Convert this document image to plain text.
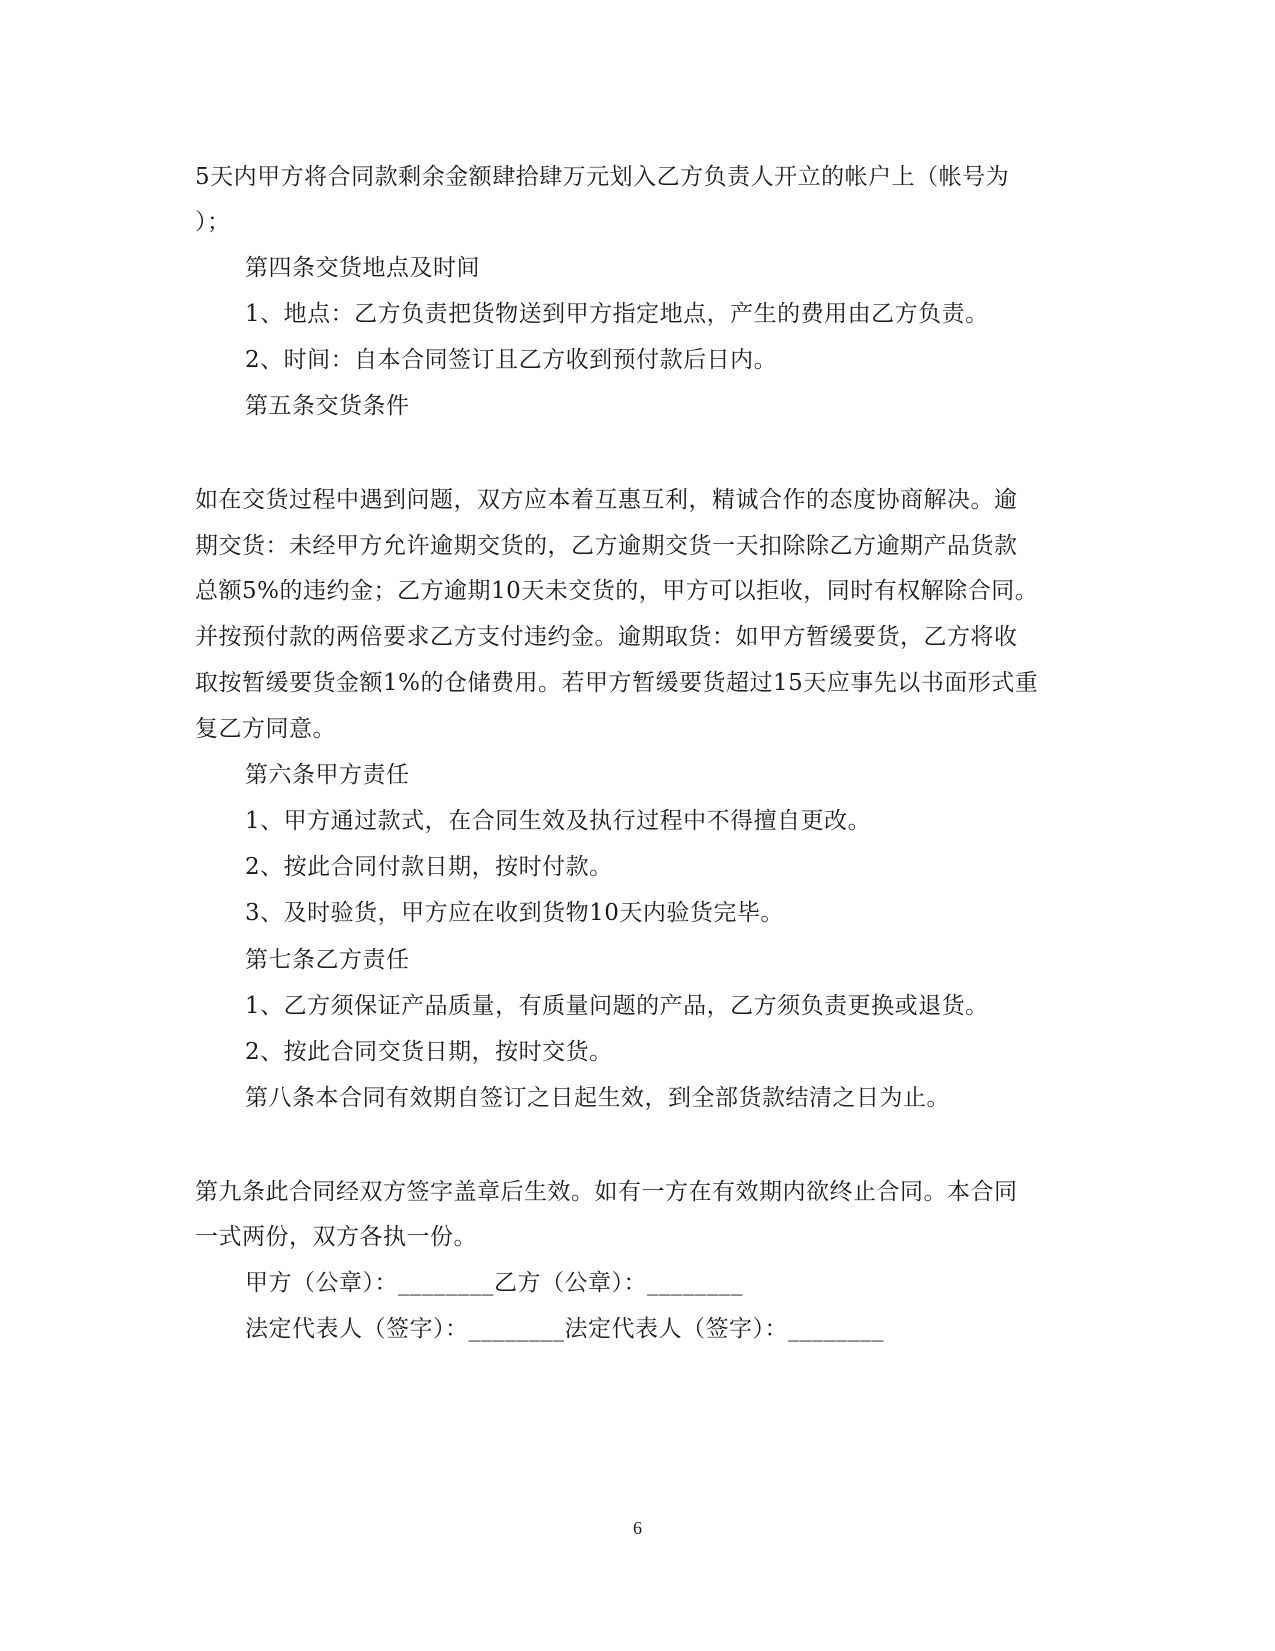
5天内甲方将合同款剩余金额肆拾肆万元划入乙方负责人开立的帐户上（帐号为
）；
第四条交货地点及时间
1、地点：乙方负责把货物送到甲方指定地点，产生的费用由乙方负责。
2、时间：自本合同签订且乙方收到预付款后日内。
第五条交货条件
如在交货过程中遇到问题，双方应本着互惠互利，精诚合作的态度协商解决。逾
期交货：未经甲方允许逾期交货的，乙方逾期交货一天扣除除乙方逾期产品货款
总额5%的违约金；乙方逾期10天未交货的，甲方可以拒收，同时有权解除合同。
并按预付款的两倍要求乙方支付违约金。逾期取货：如甲方暂缓要货，乙方将收
取按暂缓要货金额1%的仓储费用。若甲方暂缓要货超过15天应事先以书面形式重
复乙方同意。
第六条甲方责任
1、甲方通过款式，在合同生效及执行过程中不得擅自更改。
2、按此合同付款日期，按时付款。
3、及时验货，甲方应在收到货物10天内验货完毕。
第七条乙方责任
1、乙方须保证产品质量，有质量问题的产品，乙方须负责更换或退货。
2、按此合同交货日期，按时交货。
第八条本合同有效期自签订之日起生效，到全部货款结清之日为止。
第九条此合同经双方签字盖章后生效。如有一方在有效期内欲终止合同。本合同
一式两份，双方各执一份。
甲方（公章）：________乙方（公章）：________
法定代表人（签字）：________法定代表人（签字）：________
6
